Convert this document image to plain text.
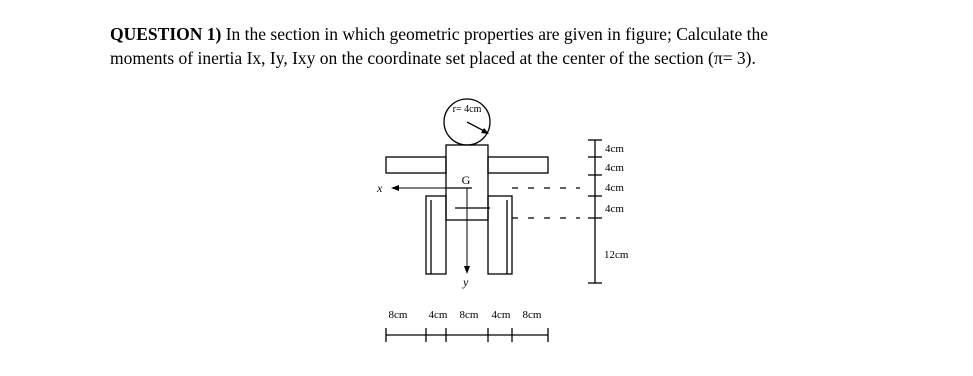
QUESTION 1) In the section in which geometric properties are given in figure; Calculate the
moments of inertia Ix, Iy, Ixy on the coordinate set placed at the center of the section (π= 3).
r= 4cm
G
x
y
4cm
4cm
4cm
4cm
12cm
8cm 4cm 8cm 4cm 8cm
